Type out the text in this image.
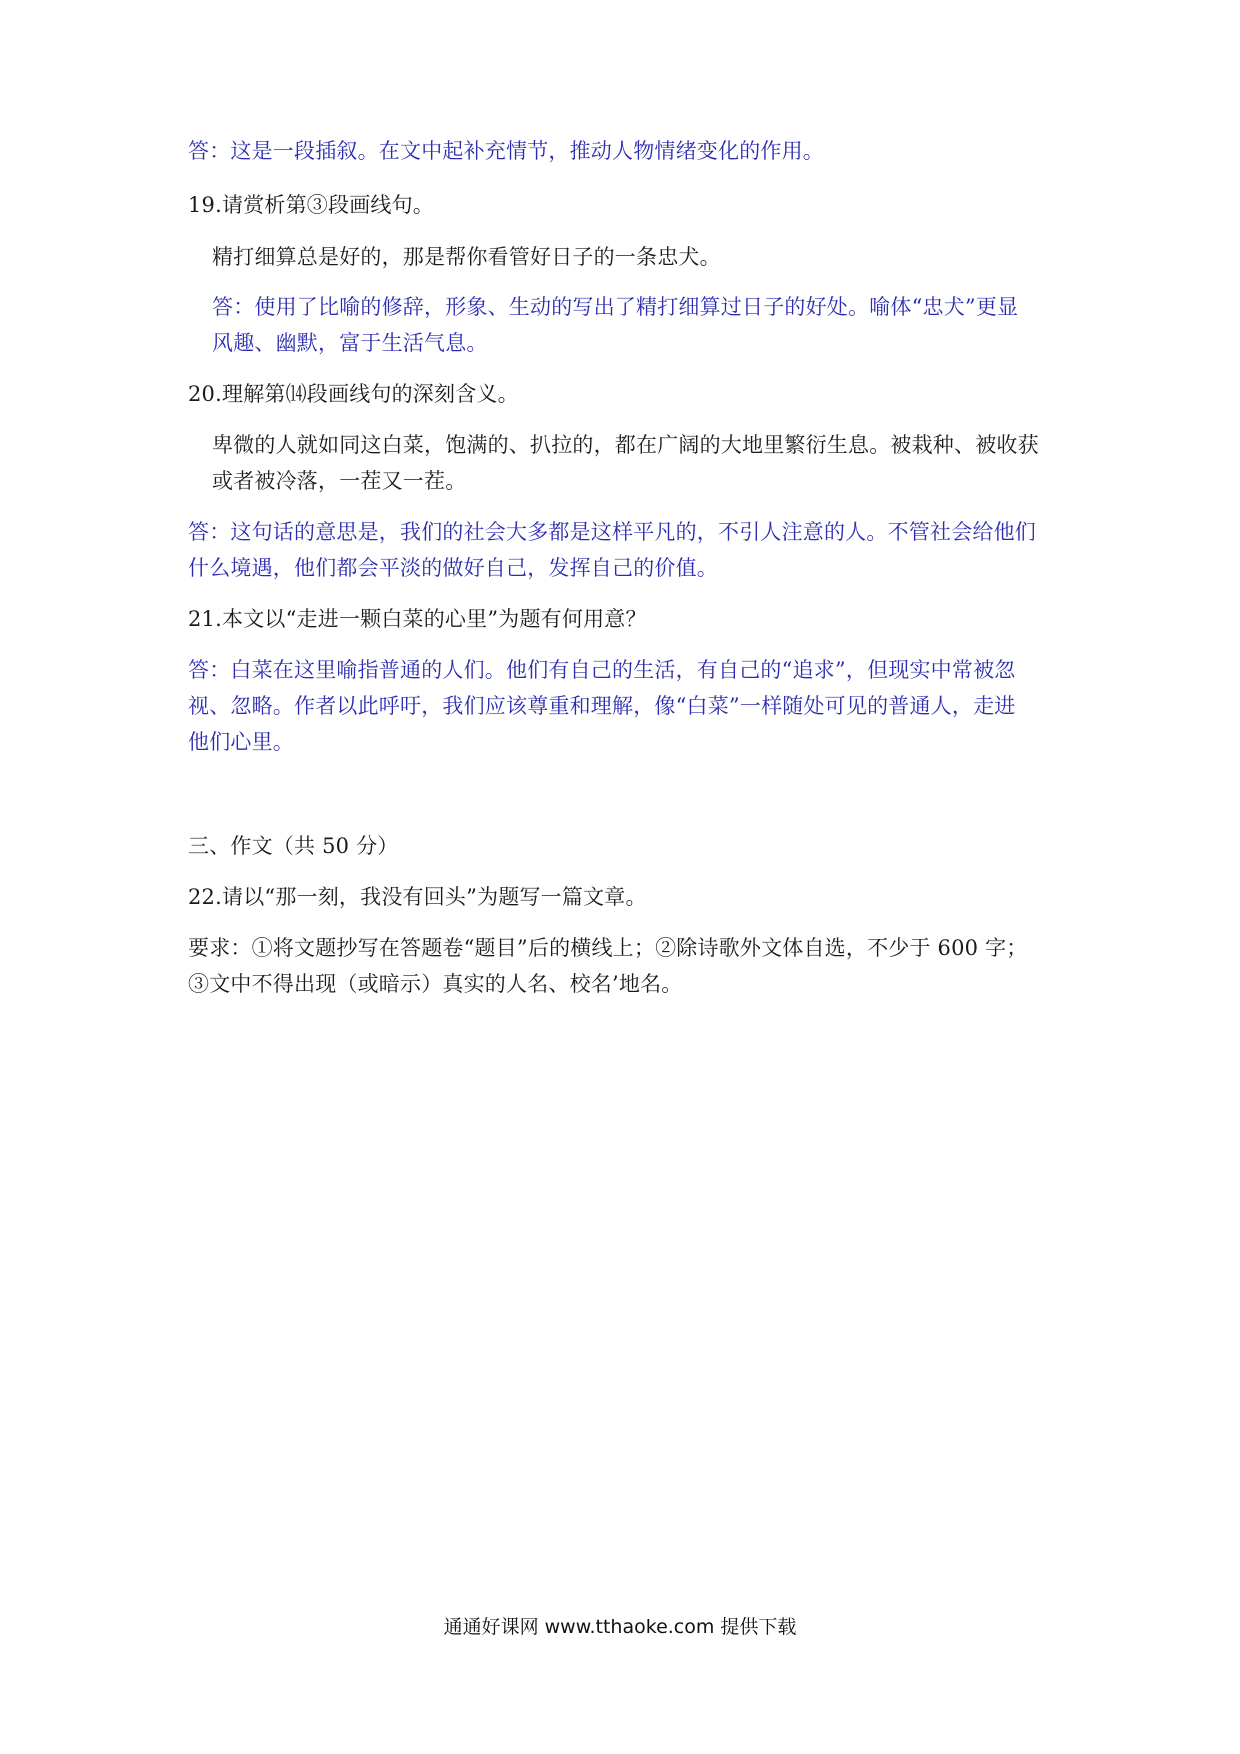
答：这是一段插叙。在文中起补充情节，推动人物情绪变化的作用。
19.请赏析第③段画线句。
精打细算总是好的，那是帮你看管好日子的一条忠犬。
答：使用了比喻的修辞，形象、生动的写出了精打细算过日子的好处。喻体“忠犬”更显
风趣、幽默，富于生活气息。
20.理解第⒁段画线句的深刻含义。
卑微的人就如同这白菜，饱满的、扒拉的，都在广阔的大地里繁衍生息。被栽种、被收获
或者被冷落，一茬又一茬。
答：这句话的意思是，我们的社会大多都是这样平凡的，不引人注意的人。不管社会给他们
什么境遇，他们都会平淡的做好自己，发挥自己的价值。
21.本文以“走进一颗白菜的心里”为题有何用意？
答：白菜在这里喻指普通的人们。他们有自己的生活，有自己的“追求”，但现实中常被忽
视、忽略。作者以此呼吁，我们应该尊重和理解，像“白菜”一样随处可见的普通人，走进
他们心里。
三、作文（共 50 分）
22.请以“那一刻，我没有回头”为题写一篇文章。
要求：①将文题抄写在答题卷“题目”后的横线上；②除诗歌外文体自选，不少于 600 字；
③文中不得出现（或暗示）真实的人名、校名’地名。
通通好课网 www.tthaoke.com 提供下载
